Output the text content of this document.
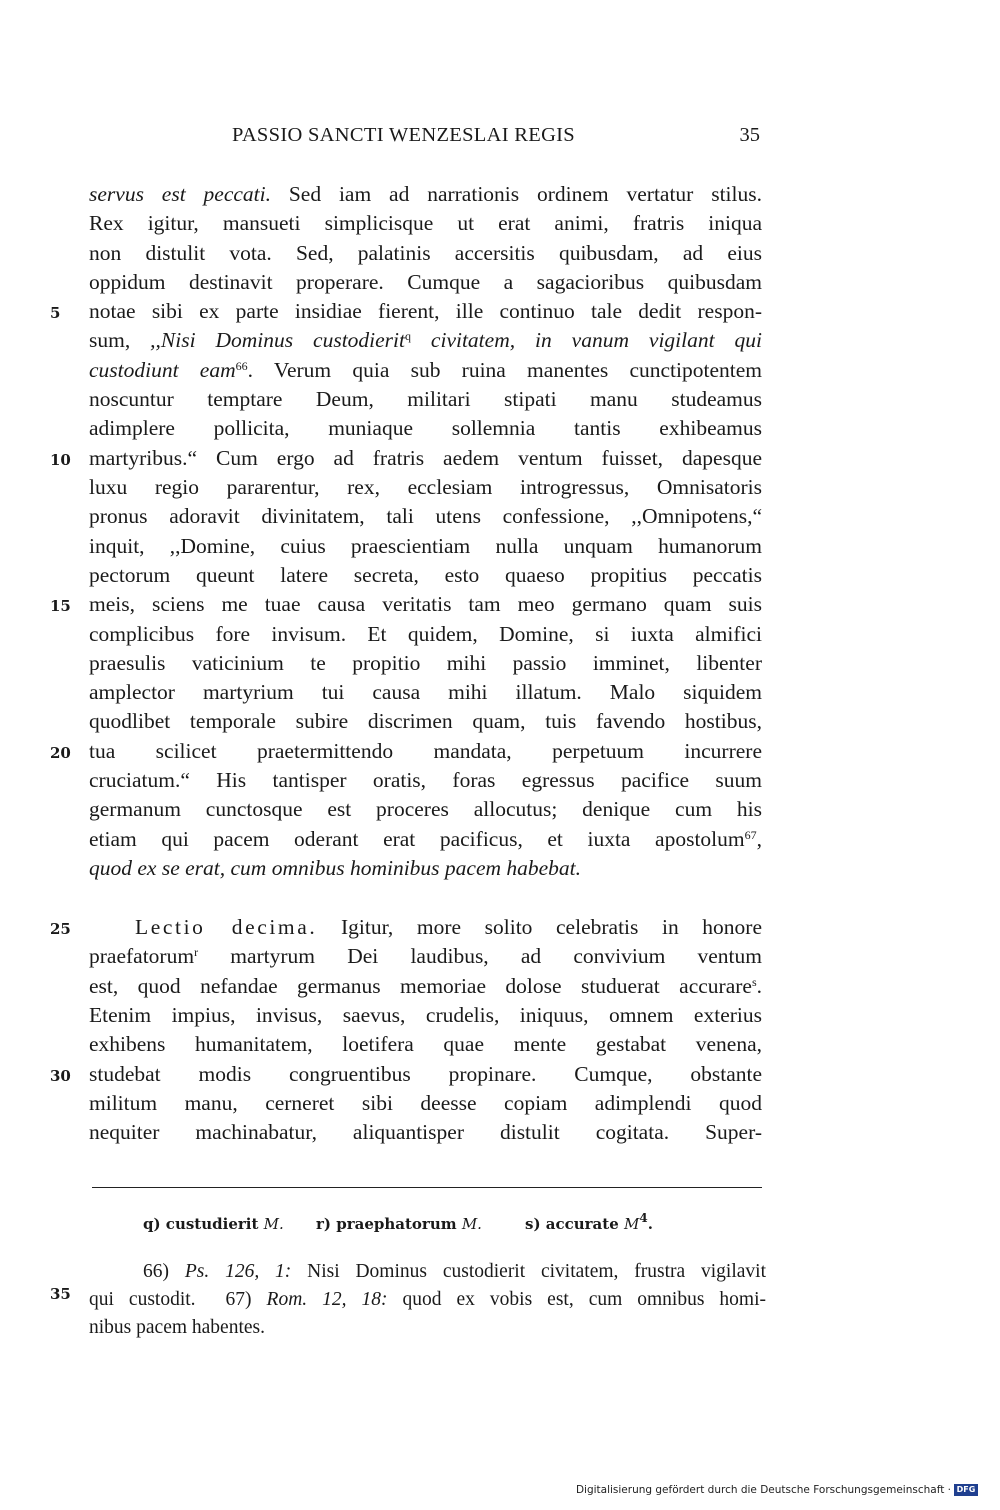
PASSIO SANCTI WENZESLAI REGIS	35
5
10
15
20
25
30
35
servus est peccati. Sed iam ad narrationis ordinem vertatur stilus.
Rex igitur, mansueti simplicisque ut erat animi, fratris iniqua
non distulit vota. Sed, palatinis accersitis quibusdam, ad eius
oppidum destinavit properare. Cumque a sagacioribus quibusdam
notae sibi ex parte insidiae fierent, ille continuo tale dedit respon-
sum, ,,Nisi Dominus custodierit$^q$ civitatem, in vanum vigilant qui
custodiunt eam$^{66}$. Verum quia sub ruina manentes cunctipotentem
noscuntur temptare Deum, militari stipati manu studeamus
adimplere pollicita, muniaque sollemnia tantis exhibeamus
martyribus.“ Cum ergo ad fratris aedem ventum fuisset, dapesque
luxu regio pararentur, rex, ecclesiam introgressus, Omnisatoris
pronus adoravit divinitatem, tali utens confessione, ,,Omnipotens,“
inquit, ,,Domine, cuius praescientiam nulla unquam humanorum
pectorum queunt latere secreta, esto quaeso propitius peccatis
meis, sciens me tuae causa veritatis tam meo germano quam suis
complicibus fore invisum. Et quidem, Domine, si iuxta almifici
praesulis vaticinium te propitio mihi passio imminet, libenter
amplector martyrium tui causa mihi illatum. Malo siquidem
quodlibet temporale subire discrimen quam, tuis favendo hostibus,
tua scilicet praetermittendo mandata, perpetuum incurrere
cruciatum.“ His tantisper oratis, foras egressus pacifice suum
germanum cunctosque est proceres allocutus; denique cum his
etiam qui pacem oderant erat pacificus, et iuxta apostolum$^{67}$,
quod ex se erat, cum omnibus hominibus pacem habebat.
Lectio decima. Igitur, more solito celebratis in honore
praefatorum$^r$ martyrum Dei laudibus, ad convivium ventum
est, quod nefandae germanus memoriae dolose studuerat accurare$^s$.
Etenim impius, invisus, saevus, crudelis, iniquus, omnem exterius
exhibens humanitatem, loetifera quae mente gestabat venena,
studebat modis congruentibus propinare. Cumque, obstante
militum manu, cerneret sibi deesse copiam adimplendi quod
nequiter machinabatur, aliquantisper distulit cogitata. Super-
q) custudierit M. r) praephatorum M.	s) accurate $M^4$.
66) Ps. 126, 1: Nisi Dominus custodierit civitatem, frustra vigilavit
qui custodit. 67) Rom. 12, 18: quod ex vobis est, cum omnibus homi-
nibus pacem habentes.
Digitalisierung gefördert durch die Deutsche Forschungsgemeinschaft · DFG
